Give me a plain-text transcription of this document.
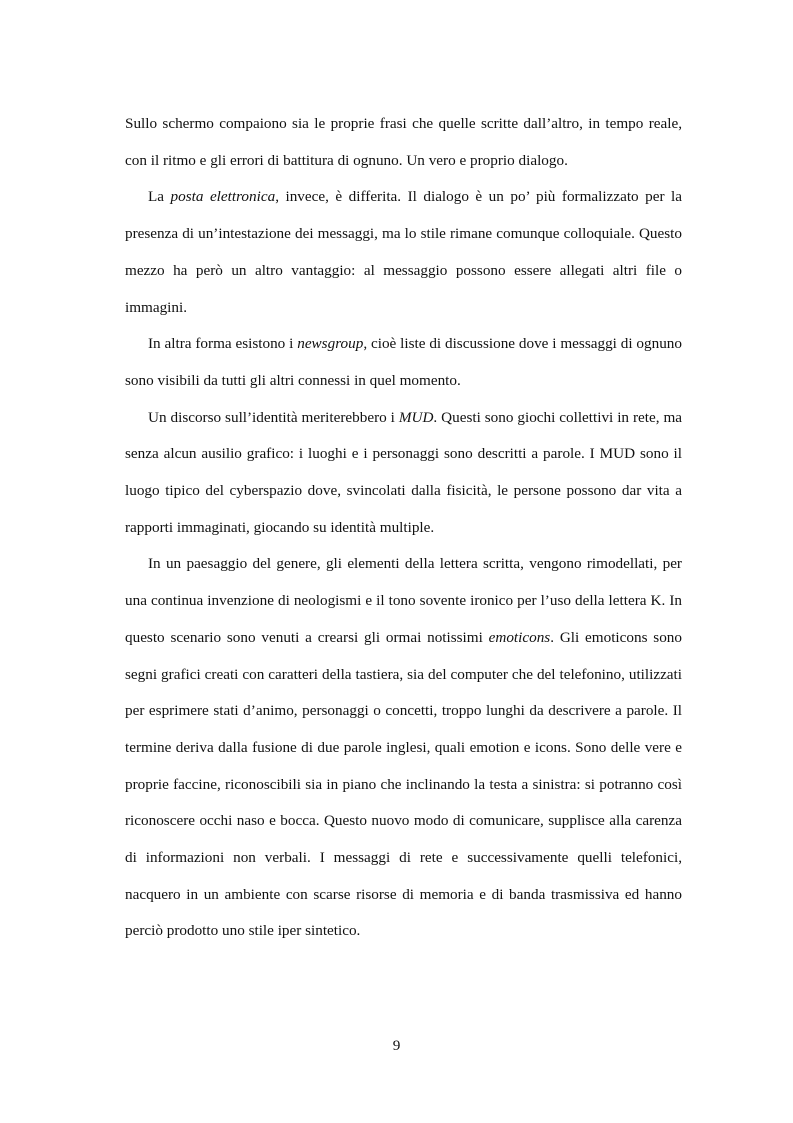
Sullo schermo compaiono sia le proprie frasi che quelle scritte dall’altro, in tempo reale, con il ritmo e gli errori di battitura di ognuno. Un vero e proprio dialogo.

La posta elettronica, invece, è differita. Il dialogo è un po’ più formalizzato per la presenza di un’intestazione dei messaggi, ma lo stile rimane comunque colloquiale. Questo mezzo ha però un altro vantaggio: al messaggio possono essere allegati altri file o immagini.

In altra forma esistono i newsgroup, cioè liste di discussione dove i messaggi di ognuno sono visibili da tutti gli altri connessi in quel momento.

Un discorso sull’identità meriterebbero i MUD. Questi sono giochi collettivi in rete, ma senza alcun ausilio grafico: i luoghi e i personaggi sono descritti a parole. I MUD sono il luogo tipico del cyberspazio dove, svincolati dalla fisicità, le persone possono dar vita a rapporti immaginati, giocando su identità multiple.

In un paesaggio del genere, gli elementi della lettera scritta, vengono rimodellati, per una continua invenzione di neologismi e il tono sovente ironico per l’uso della lettera K. In questo scenario sono venuti a crearsi gli ormai notissimi emoticons. Gli emoticons sono segni grafici creati con caratteri della tastiera, sia del computer che del telefonino, utilizzati per esprimere stati d’animo, personaggi o concetti, troppo lunghi da descrivere a parole. Il termine deriva dalla fusione di due parole inglesi, quali emotion e icons. Sono delle vere e proprie faccine, riconoscibili sia in piano che inclinando la testa a sinistra: si potranno così riconoscere occhi naso e bocca. Questo nuovo modo di comunicare, supplisce alla carenza di informazioni non verbali. I messaggi di rete e successivamente quelli telefonici, nacquero in un ambiente con scarse risorse di memoria e di banda trasmissiva ed hanno perciò prodotto uno stile iper sintetico.

9
